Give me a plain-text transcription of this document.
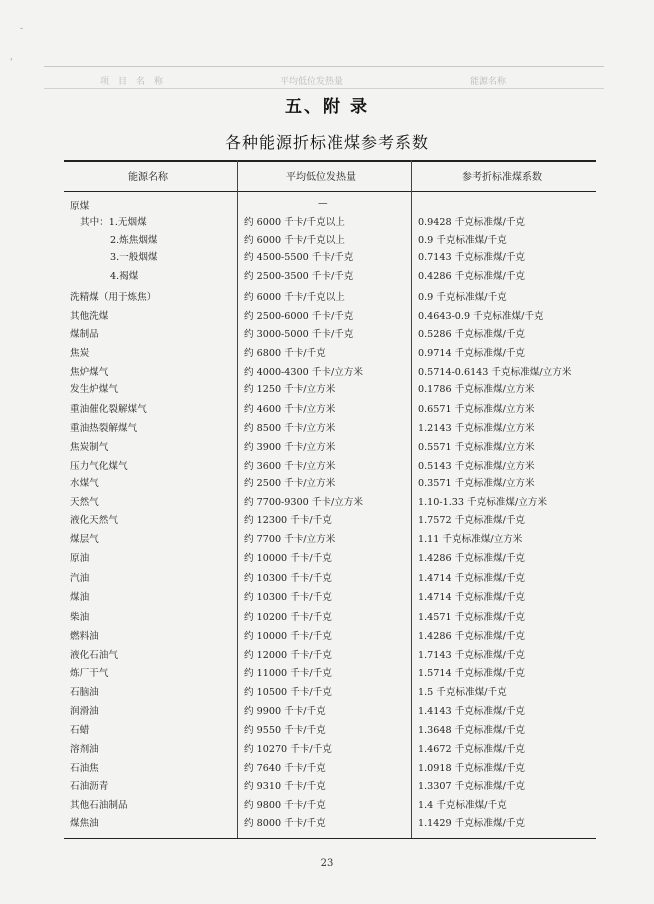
项　目　名　称	平均低位发热量	能源名称
-
'
五、附 录
各种能源折标准煤参考系数
能源名称	平均低位发热量	参考折标准煤系数
原煤	—
其中：1.无烟煤	约 6000 千卡/千克以上	0.9428 千克标准煤/千克
2.炼焦烟煤	约 6000 千卡/千克以上	0.9 千克标准煤/千克
3.一般烟煤	约 4500-5500 千卡/千克	0.7143 千克标准煤/千克
4.褐煤	约 2500-3500 千卡/千克	0.4286 千克标准煤/千克
洗精煤（用于炼焦）	约 6000 千卡/千克以上	0.9 千克标准煤/千克
其他洗煤	约 2500-6000 千卡/千克	0.4643-0.9 千克标准煤/千克
煤制品	约 3000-5000 千卡/千克	0.5286 千克标准煤/千克
焦炭	约 6800 千卡/千克	0.9714 千克标准煤/千克
焦炉煤气	约 4000-4300 千卡/立方米	0.5714-0.6143 千克标准煤/立方米
发生炉煤气	约 1250 千卡/立方米	0.1786 千克标准煤/立方米
重油催化裂解煤气	约 4600 千卡/立方米	0.6571 千克标准煤/立方米
重油热裂解煤气	约 8500 千卡/立方米	1.2143 千克标准煤/立方米
焦炭制气	约 3900 千卡/立方米	0.5571 千克标准煤/立方米
压力气化煤气	约 3600 千卡/立方米	0.5143 千克标准煤/立方米
水煤气	约 2500 千卡/立方米	0.3571 千克标准煤/立方米
天然气	约 7700-9300 千卡/立方米	1.10-1.33 千克标准煤/立方米
液化天然气	约 12300 千卡/千克	1.7572 千克标准煤/千克
煤层气	约 7700 千卡/立方米	1.11 千克标准煤/立方米
原油	约 10000 千卡/千克	1.4286 千克标准煤/千克
汽油	约 10300 千卡/千克	1.4714 千克标准煤/千克
煤油	约 10300 千卡/千克	1.4714 千克标准煤/千克
柴油	约 10200 千卡/千克	1.4571 千克标准煤/千克
燃料油	约 10000 千卡/千克	1.4286 千克标准煤/千克
液化石油气	约 12000 千卡/千克	1.7143 千克标准煤/千克
炼厂干气	约 11000 千卡/千克	1.5714 千克标准煤/千克
石脑油	约 10500 千卡/千克	1.5 千克标准煤/千克
润滑油	约 9900 千卡/千克	1.4143 千克标准煤/千克
石蜡	约 9550 千卡/千克	1.3648 千克标准煤/千克
溶剂油	约 10270 千卡/千克	1.4672 千克标准煤/千克
石油焦	约 7640 千卡/千克	1.0918 千克标准煤/千克
石油沥青	约 9310 千卡/千克	1.3307 千克标准煤/千克
其他石油制品	约 9800 千卡/千克	1.4 千克标准煤/千克
煤焦油	约 8000 千卡/千克	1.1429 千克标准煤/千克
23
